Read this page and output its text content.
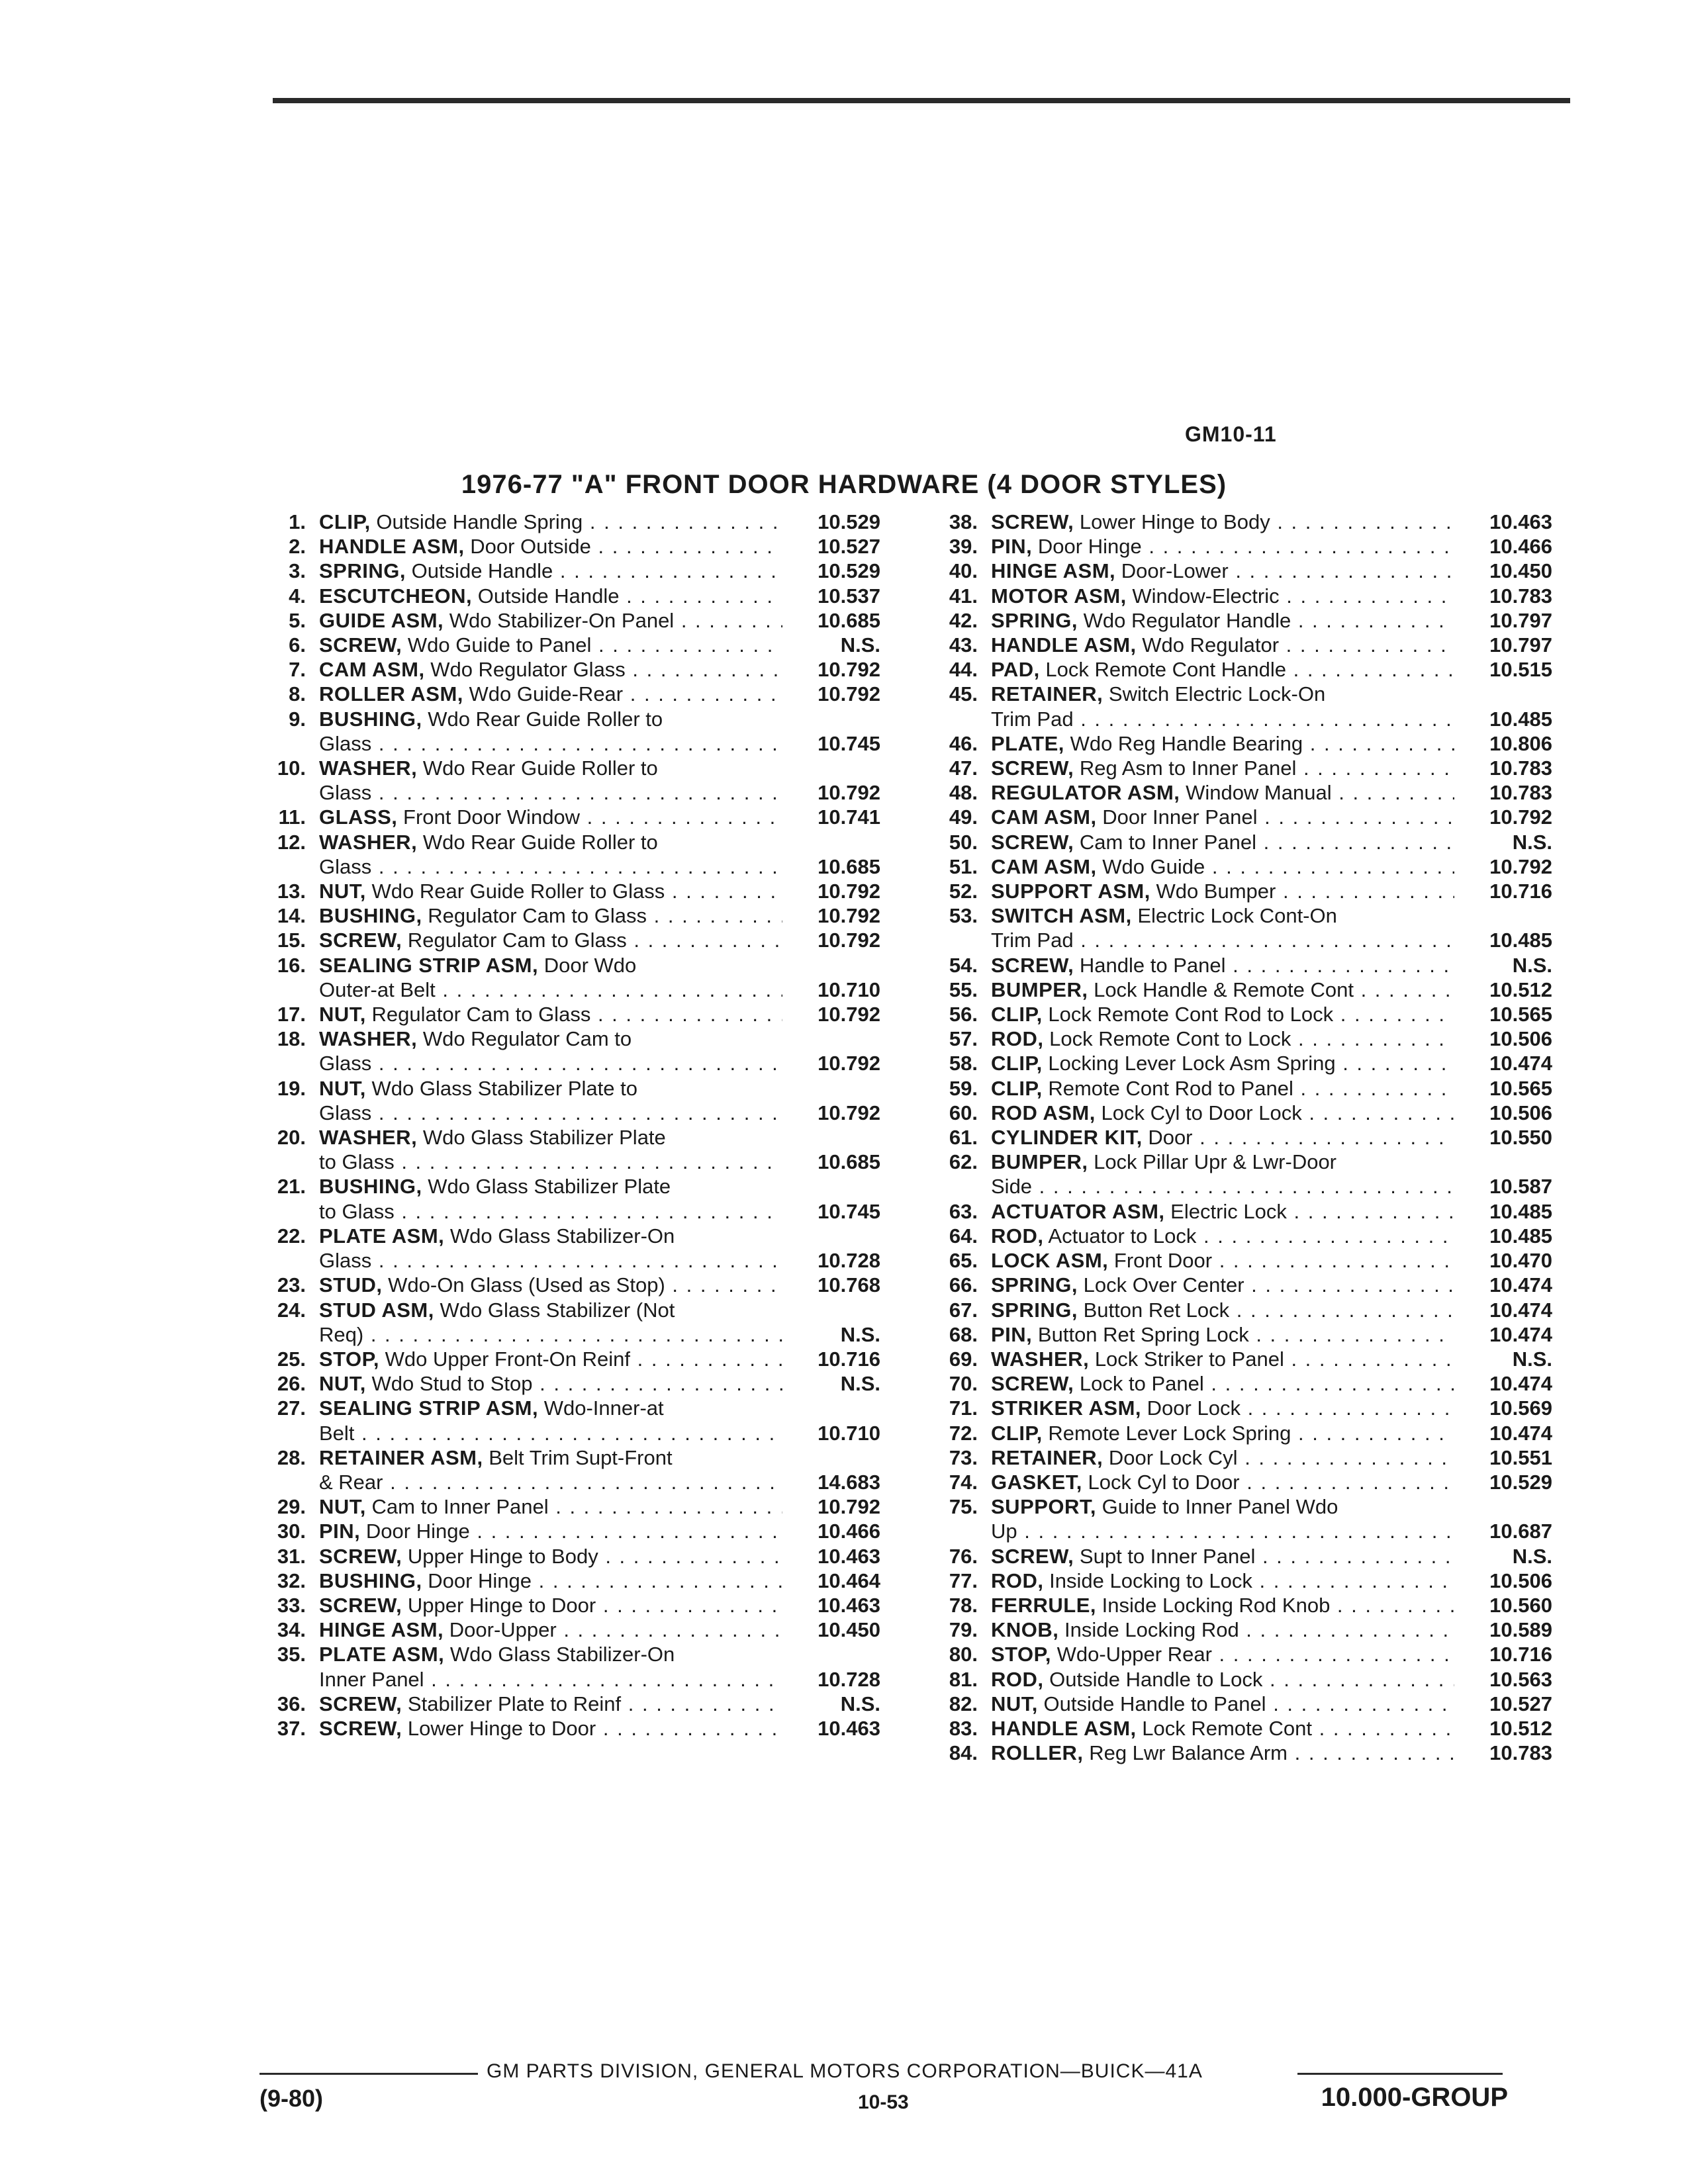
GM10-11
1976-77 "A" FRONT DOOR HARDWARE (4 DOOR STYLES)
1. CLIP, Outside Handle Spring . . .	10.529
2. HANDLE ASM, Door Outside . . .	10.527
3. SPRING, Outside Handle . . .	10.529
4. ESCUTCHEON, Outside Handle . . .	10.537
5. GUIDE ASM, Wdo Stabilizer-On Panel . . .	10.685
6. SCREW, Wdo Guide to Panel . . .	N.S.
7. CAM ASM, Wdo Regulator Glass . . .	10.792
8. ROLLER ASM, Wdo Guide-Rear . . .	10.792
9. BUSHING, Wdo Rear Guide Roller to
Glass . . .	10.745
10. WASHER, Wdo Rear Guide Roller to
Glass . . .	10.792
11. GLASS, Front Door Window . . .	10.741
12. WASHER, Wdo Rear Guide Roller to
Glass . . .	10.685
13. NUT, Wdo Rear Guide Roller to Glass . . .	10.792
14. BUSHING, Regulator Cam to Glass . . .	10.792
15. SCREW, Regulator Cam to Glass . . .	10.792
16. SEALING STRIP ASM, Door Wdo
Outer-at Belt . . .	10.710
17. NUT, Regulator Cam to Glass . . .	10.792
18. WASHER, Wdo Regulator Cam to
Glass . . .	10.792
19. NUT, Wdo Glass Stabilizer Plate to
Glass . . .	10.792
20. WASHER, Wdo Glass Stabilizer Plate
to Glass . . .	10.685
21. BUSHING, Wdo Glass Stabilizer Plate
to Glass . . .	10.745
22. PLATE ASM, Wdo Glass Stabilizer-On
Glass . . .	10.728
23. STUD, Wdo-On Glass (Used as Stop) . . .	10.768
24. STUD ASM, Wdo Glass Stabilizer (Not
Req) . . .	N.S.
25. STOP, Wdo Upper Front-On Reinf . . .	10.716
26. NUT, Wdo Stud to Stop . . .	N.S.
27. SEALING STRIP ASM, Wdo-Inner-at
Belt . . .	10.710
28. RETAINER ASM, Belt Trim Supt-Front
& Rear . . .	14.683
29. NUT, Cam to Inner Panel . . .	10.792
30. PIN, Door Hinge . . .	10.466
31. SCREW, Upper Hinge to Body . . .	10.463
32. BUSHING, Door Hinge . . .	10.464
33. SCREW, Upper Hinge to Door . . .	10.463
34. HINGE ASM, Door-Upper . . .	10.450
35. PLATE ASM, Wdo Glass Stabilizer-On
Inner Panel . . .	10.728
36. SCREW, Stabilizer Plate to Reinf . . .	N.S.
37. SCREW, Lower Hinge to Door . . .	10.463
38. SCREW, Lower Hinge to Body . . .	10.463
39. PIN, Door Hinge . . .	10.466
40. HINGE ASM, Door-Lower . . .	10.450
41. MOTOR ASM, Window-Electric . . .	10.783
42. SPRING, Wdo Regulator Handle . . .	10.797
43. HANDLE ASM, Wdo Regulator . . .	10.797
44. PAD, Lock Remote Cont Handle . . .	10.515
45. RETAINER, Switch Electric Lock-On
Trim Pad . . .	10.485
46. PLATE, Wdo Reg Handle Bearing . . .	10.806
47. SCREW, Reg Asm to Inner Panel . . .	10.783
48. REGULATOR ASM, Window Manual . . .	10.783
49. CAM ASM, Door Inner Panel . . .	10.792
50. SCREW, Cam to Inner Panel . . .	N.S.
51. CAM ASM, Wdo Guide . . .	10.792
52. SUPPORT ASM, Wdo Bumper . . .	10.716
53. SWITCH ASM, Electric Lock Cont-On
Trim Pad . . .	10.485
54. SCREW, Handle to Panel . . .	N.S.
55. BUMPER, Lock Handle & Remote Cont . . .	10.512
56. CLIP, Lock Remote Cont Rod to Lock . . .	10.565
57. ROD, Lock Remote Cont to Lock . . .	10.506
58. CLIP, Locking Lever Lock Asm Spring . . .	10.474
59. CLIP, Remote Cont Rod to Panel . . .	10.565
60. ROD ASM, Lock Cyl to Door Lock . . .	10.506
61. CYLINDER KIT, Door . . .	10.550
62. BUMPER, Lock Pillar Upr & Lwr-Door
Side . . .	10.587
63. ACTUATOR ASM, Electric Lock . . .	10.485
64. ROD, Actuator to Lock . . .	10.485
65. LOCK ASM, Front Door . . .	10.470
66. SPRING, Lock Over Center . . .	10.474
67. SPRING, Button Ret Lock . . .	10.474
68. PIN, Button Ret Spring Lock . . .	10.474
69. WASHER, Lock Striker to Panel . . .	N.S.
70. SCREW, Lock to Panel . . .	10.474
71. STRIKER ASM, Door Lock . . .	10.569
72. CLIP, Remote Lever Lock Spring . . .	10.474
73. RETAINER, Door Lock Cyl . . .	10.551
74. GASKET, Lock Cyl to Door . . .	10.529
75. SUPPORT, Guide to Inner Panel Wdo
Up . . .	10.687
76. SCREW, Supt to Inner Panel . . .	N.S.
77. ROD, Inside Locking to Lock . . .	10.506
78. FERRULE, Inside Locking Rod Knob . . .	10.560
79. KNOB, Inside Locking Rod . . .	10.589
80. STOP, Wdo-Upper Rear . . .	10.716
81. ROD, Outside Handle to Lock . . .	10.563
82. NUT, Outside Handle to Panel . . .	10.527
83. HANDLE ASM, Lock Remote Cont . . .	10.512
84. ROLLER, Reg Lwr Balance Arm . . .	10.783
GM PARTS DIVISION, GENERAL MOTORS CORPORATION—BUICK—41A
(9-80)	10-53	10.000-GROUP
